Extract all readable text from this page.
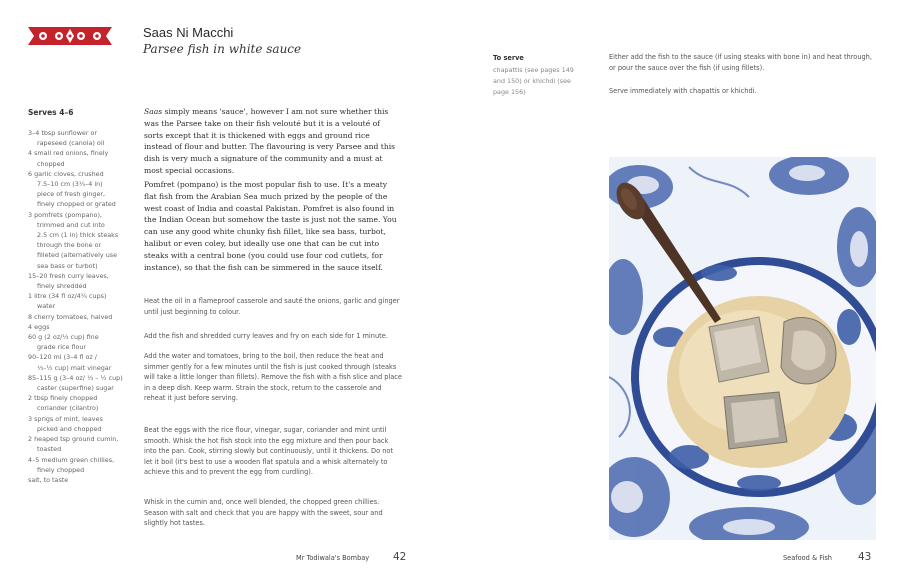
Saas Ni Macchi
Parsee fish in white sauce
Serves 4–6
3–4 tbsp sunflower or
rapeseed (canola) oil
4 small red onions, finely
chopped
6 garlic cloves, crushed
7.5–10 cm (3¼–4 in)
piece of fresh ginger,
finely chopped or grated
3 pomfrets (pompano),
trimmed and cut into
2.5 cm (1 in) thick steaks
through the bone or
filleted (alternatively use
sea bass or turbot)
15–20 fresh curry leaves,
finely shredded
1 litre (34 fl oz/4¼ cups)
water
8 cherry tomatoes, halved
4 eggs
60 g (2 oz/⅓ cup) fine
grade rice flour
90–120 ml (3–4 fl oz /
⅓–½ cup) malt vinegar
85–115 g (3–4 oz/ ⅓ – ½ cup)
caster (superfine) sugar
2 tbsp finely chopped
coriander (cilantro)
3 sprigs of mint, leaves
picked and chopped
2 heaped tsp ground cumin,
toasted
4–5 medium green chillies,
finely chopped
salt, to taste

Saas simply means 'sauce', however I am not sure whether this was the Parsee take on their fish velouté but it is a velouté of sorts except that it is thickened with eggs and ground rice instead of flour and butter. The flavouring is very Parsee and this dish is very much a signature of the community and a must at most special occasions.

Pomfret (pompano) is the most popular fish to use. It's a meaty flat fish from the Arabian Sea much prized by the people of the west coast of India and coastal Pakistan. Pomfret is also found in the Indian Ocean but somehow the taste is just not the same. You can use any good white chunky fish fillet, like sea bass, turbot, halibut or even coley, but ideally use one that can be cut into steaks with a central bone (you could use four cod cutlets, for instance), so that the fish can be simmered in the sauce itself.

Heat the oil in a flameproof casserole and sauté the onions, garlic and ginger until just beginning to colour.

Add the fish and shredded curry leaves and fry on each side for 1 minute.

Add the water and tomatoes, bring to the boil, then reduce the heat and simmer gently for a few minutes until the fish is just cooked through (steaks will take a little longer than fillets). Remove the fish with a fish slice and place in a deep dish. Keep warm. Strain the stock, return to the casserole and reheat it just before serving.

Beat the eggs with the rice flour, vinegar, sugar, coriander and mint until smooth. Whisk the hot fish stock into the egg mixture and then pour back into the pan. Cook, stirring slowly but continuously, until it thickens. Do not let it boil (it's best to use a wooden flat spatula and a whisk alternately to achieve this and to prevent the egg from curdling).

Whisk in the cumin and, once well blended, the chopped green chillies. Season with salt and check that you are happy with the sweet, sour and slightly hot tastes.

Mr Todiwala's Bombay 42
To serve
chapattis (see pages 149 and 150) or khichdi (see page 156)

Either add the fish to the sauce (if using steaks with bone in) and heat through, or pour the sauce over the fish (if using fillets).

Serve immediately with chapattis or khichdi.

Seafood & Fish 43
